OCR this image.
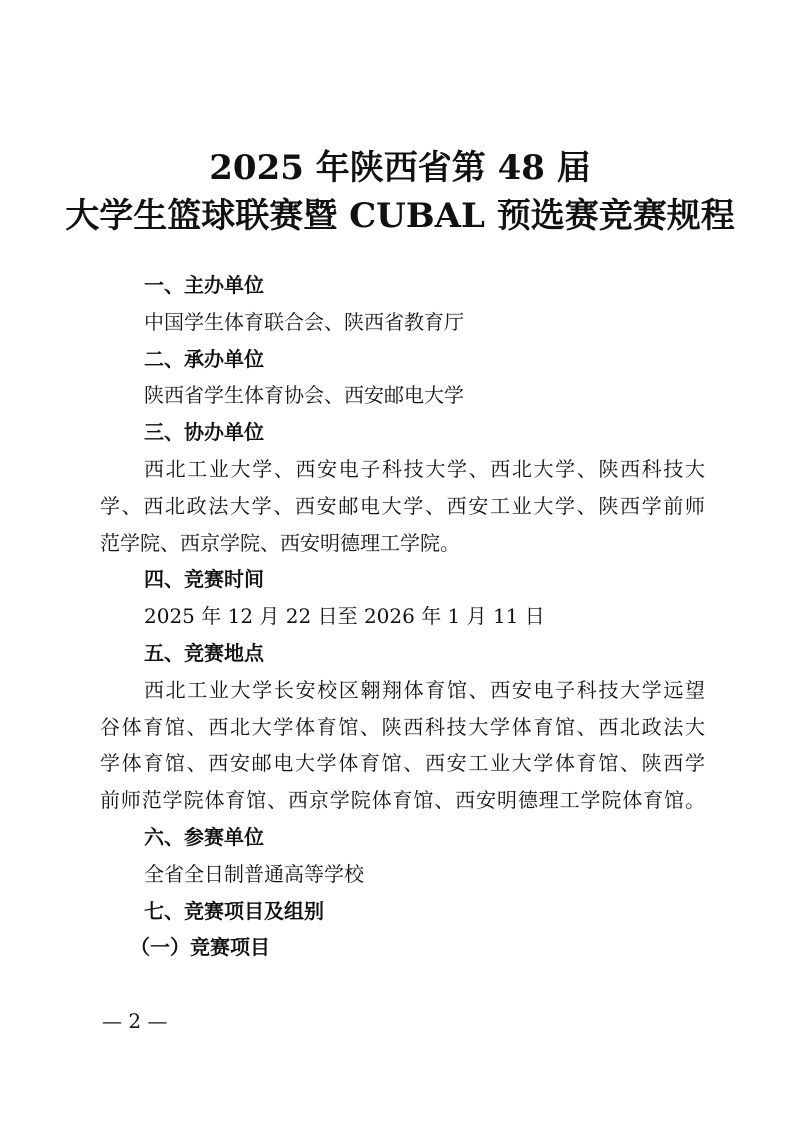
2025 年陕西省第 48 届
大学生篮球联赛暨 CUBAL 预选赛竞赛规程
一、主办单位
中国学生体育联合会、陕西省教育厅
二、承办单位
陕西省学生体育协会、西安邮电大学
三、协办单位
西北工业大学、西安电子科技大学、西北大学、陕西科技大
学、西北政法大学、西安邮电大学、西安工业大学、陕西学前师
范学院、西京学院、西安明德理工学院。
四、竞赛时间
2025 年 12 月 22 日至 2026 年 1 月 11 日
五、竞赛地点
西北工业大学长安校区翱翔体育馆、西安电子科技大学远望
谷体育馆、西北大学体育馆、陕西科技大学体育馆、西北政法大
学体育馆、西安邮电大学体育馆、西安工业大学体育馆、陕西学
前师范学院体育馆、西京学院体育馆、西安明德理工学院体育馆。
六、参赛单位
全省全日制普通高等学校
七、竞赛项目及组别
（一）竞赛项目
— 2 —
